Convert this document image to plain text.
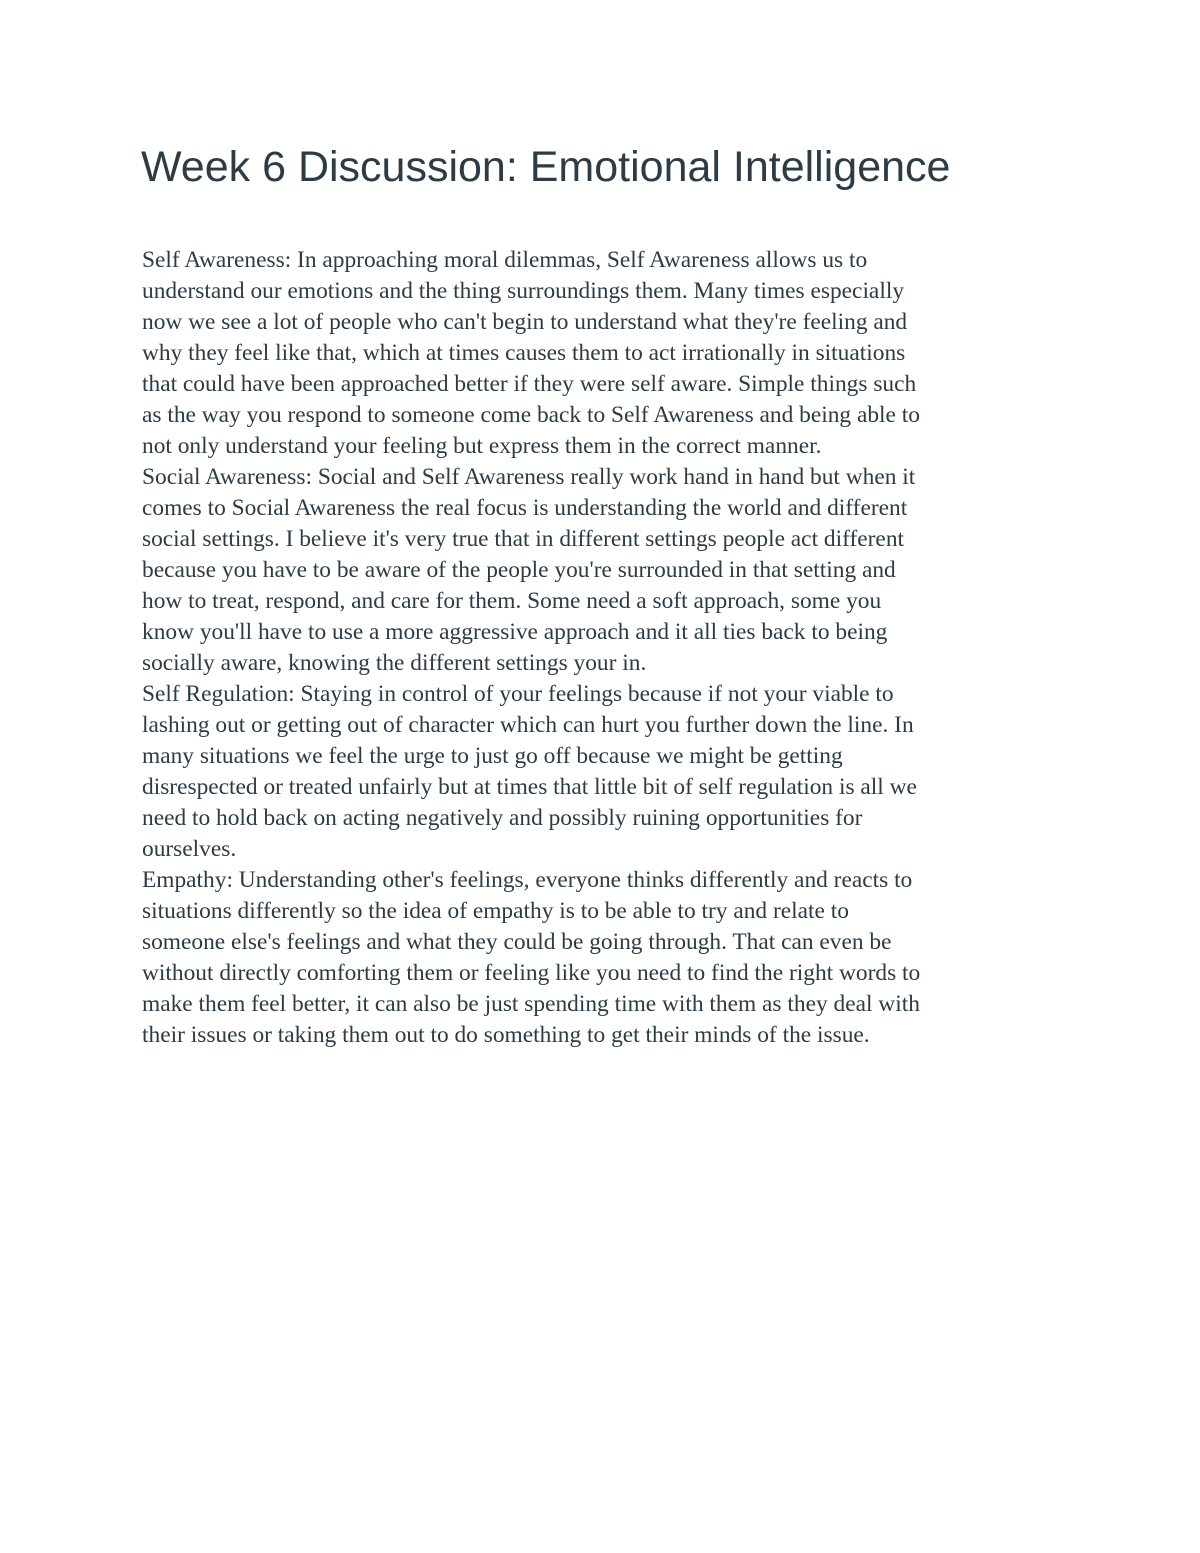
Week 6 Discussion: Emotional Intelligence
Self Awareness: In approaching moral dilemmas, Self Awareness allows us to
understand our emotions and the thing surroundings them. Many times especially
now we see a lot of people who can't begin to understand what they're feeling and
why they feel like that, which at times causes them to act irrationally in situations
that could have been approached better if they were self aware. Simple things such
as the way you respond to someone come back to Self Awareness and being able to
not only understand your feeling but express them in the correct manner.
Social Awareness: Social and Self Awareness really work hand in hand but when it
comes to Social Awareness the real focus is understanding the world and different
social settings. I believe it's very true that in different settings people act different
because you have to be aware of the people you're surrounded in that setting and
how to treat, respond, and care for them. Some need a soft approach, some you
know you'll have to use a more aggressive approach and it all ties back to being
socially aware, knowing the different settings your in.
Self Regulation: Staying in control of your feelings because if not your viable to
lashing out or getting out of character which can hurt you further down the line. In
many situations we feel the urge to just go off because we might be getting
disrespected or treated unfairly but at times that little bit of self regulation is all we
need to hold back on acting negatively and possibly ruining opportunities for
ourselves.
Empathy: Understanding other's feelings, everyone thinks differently and reacts to
situations differently so the idea of empathy is to be able to try and relate to
someone else's feelings and what they could be going through. That can even be
without directly comforting them or feeling like you need to find the right words to
make them feel better, it can also be just spending time with them as they deal with
their issues or taking them out to do something to get their minds of the issue.
